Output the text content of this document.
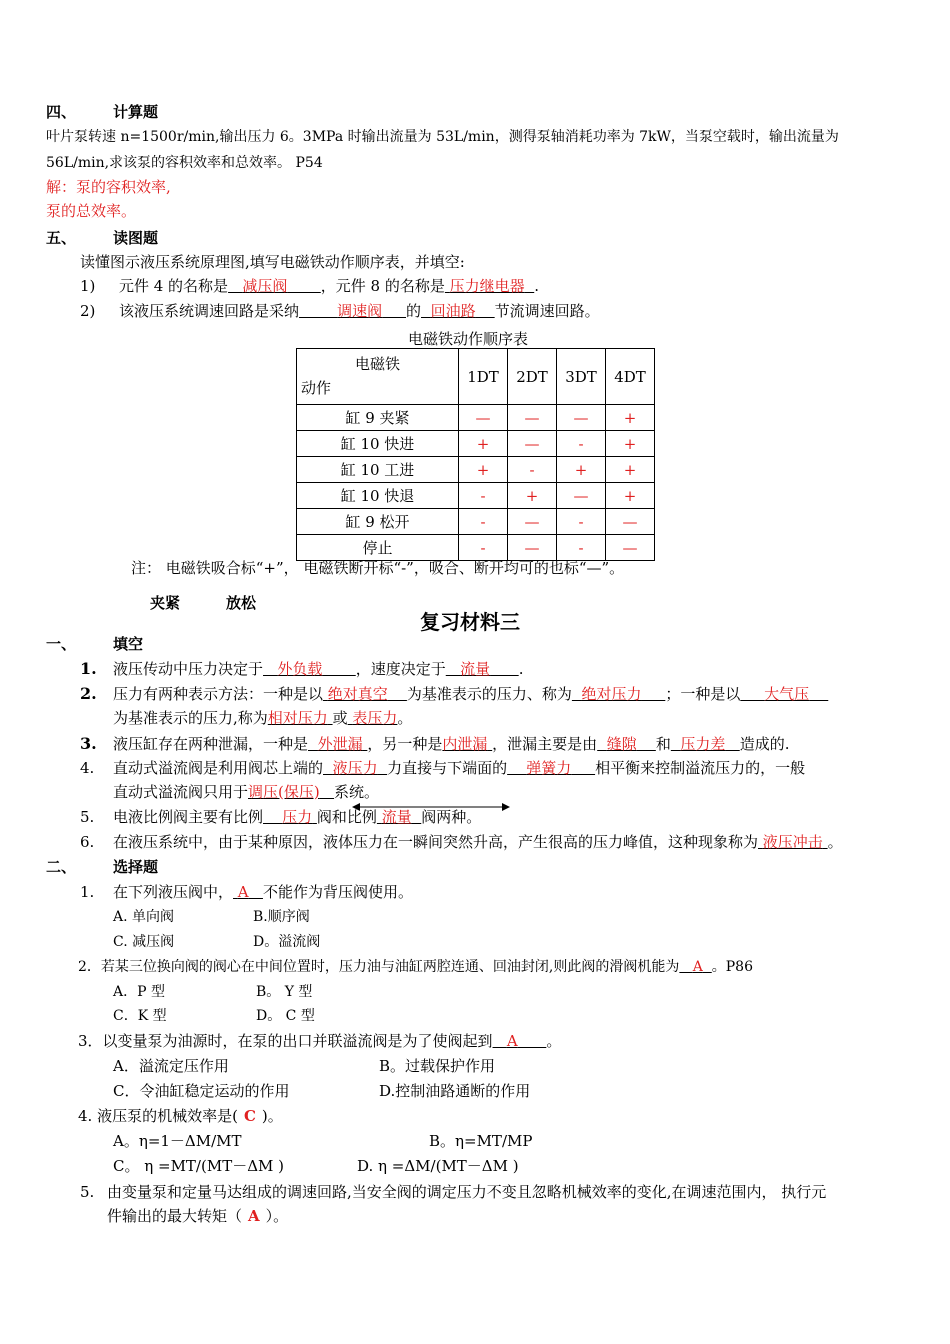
四、 计算题
叶片泵转速 n=1500r/min,输出压力 6。3MPa 时输出流量为 53L/min，测得泵轴消耗功率为 7kW，当泵空载时，输出流量为
56L/min,求该泵的容积效率和总效率。 P54
解：泵的容积效率,
泵的总效率。
五、 读图题
读懂图示液压系统原理图,填写电磁铁动作顺序表，并填空:
1) 元件 4 的名称是 减压阀 ，元件 8 的名称是 压力继电器 .
2) 该液压系统调速回路是采纳	调速阀 的 回油路 节流调速回路。
电磁铁动作顺序表
电磁铁
动作	1DT	2DT	3DT	4DT
缸 9 夹紧	—	—	—	+
缸 10 快进	+	—	-	+
缸 10 工进	+	-	+	+
缸 10 快退	-	+	—	+
缸 9 松开	-	—	-	—
停止	-	—	-	—
注： 电磁铁吸合标“+”， 电磁铁断开标“-”，吸合、断开均可的也标“—”。
夹紧	放松
复习材料三
一、 填空
1. 液压传动中压力决定于 外负载 ，速度决定于 流量 .
2. 压力有两种表示方法：一种是以 绝对真空 为基准表示的压力、称为 绝对压力 ；一种是以 大气压
为基准表示的压力,称为相对压力 或 表压力。
3. 液压缸存在两种泄漏，一种是 外泄漏 ，另一种是内泄漏 ，泄漏主要是由 缝隙 和 压力差 造成的.
4. 直动式溢流阀是利用阀芯上端的 液压力 力直接与下端面的 弹簧力 相平衡来控制溢流压力的，一般
直动式溢流阀只用于调压(保压) 系统。
5. 电液比例阀主要有比例 压力 阀和比例 流量 阀两种。
6. 在液压系统中，由于某种原因，液体压力在一瞬间突然升高，产生很高的压力峰值，这种现象称为 液压冲击 。
二、 选择题
1. 在下列液压阀中， A 不能作为背压阀使用。
A. 单向阀	B.顺序阀
C. 减压阀	D。溢流阀
2．若某三位换向阀的阀心在中间位置时，压力油与油缸两腔连通、回油封闭,则此阀的滑阀机能为 A 。P86
A．P 型	B。 Y 型
C．K 型	D。 C 型
3．以变量泵为油源时，在泵的出口并联溢流阀是为了使阀起到 A 。
A．溢流定压作用	B。过载保护作用
C．令油缸稳定运动的作用	D.控制油路通断的作用
4. 液压泵的机械效率是( C )。
A。η=1－ΔM/MT	B。η=MT/MP
C。 η =MT/(MT－ΔM )	D. η =ΔM/(MT－ΔM )
5. 由变量泵和定量马达组成的调速回路,当安全阀的调定压力不变且忽略机械效率的变化,在调速范围内， 执行元
件输出的最大转矩（ A ）。
